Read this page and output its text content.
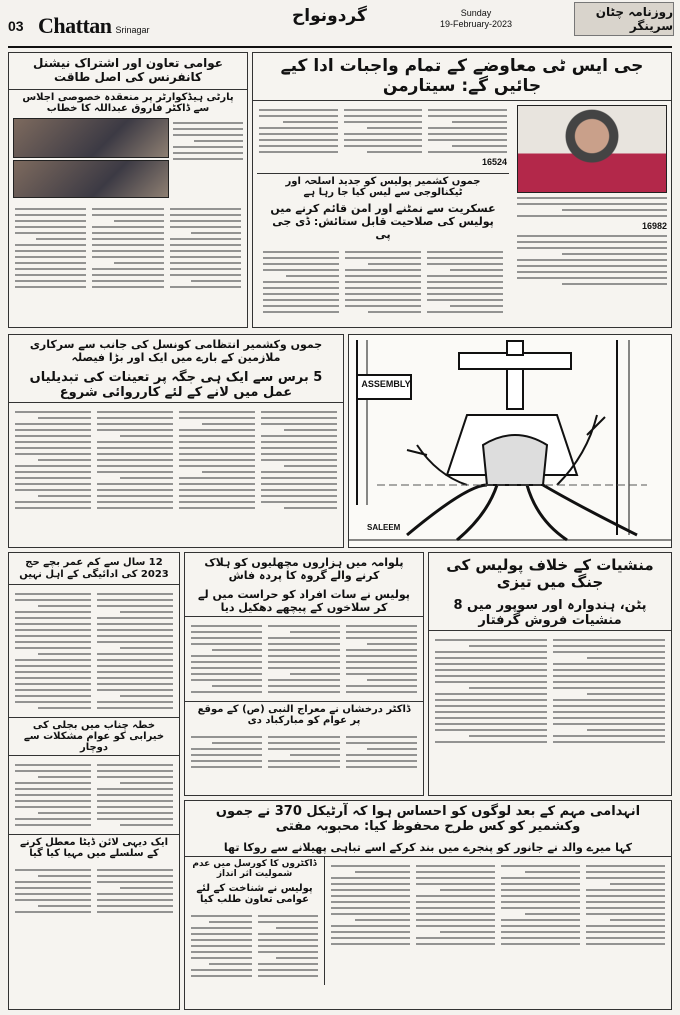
03 Chattan Srinagar
گردونواح	Sunday
19-February-2023
روزنامہ چٹان سرینگر
جی ایس ٹی معاوضے کے تمام واجبات ادا کیے جائیں گے: سیتارمن
16982
16524
جموں کشمیر پولیس کو جدید اسلحہ اور ٹیکنالوجی سے لیس کیا جا رہا ہے
عسکریت سے نمٹنے اور امن قائم کرنے میں پولیس کی صلاحیت قابل ستائش: ڈی جی پی
عوامی تعاون اور اشتراک نیشنل کانفرنس کی اصل طاقت
پارٹی ہیڈکوارٹر پر منعقدہ خصوصی اجلاس سے ڈاکٹر فاروق عبداللہ کا خطاب
جموں وکشمیر انتظامی کونسل کی جانب سے سرکاری ملازمین کے بارے میں ایک اور بڑا فیصلہ
5 برس سے ایک ہی جگہ پر تعینات کی تبدیلیاں عمل میں لانے کے لئے کارروائی شروع
ASSEMBLY
SALEEM
12 سال سے کم عمر بچے حج 2023 کی ادائیگی کے اہل نہیں
خطہ چناب میں بجلی کی خیرابی کو عوام مشکلات سے دوچار
ایک دیہی لائن ڈیٹا معطل کرنے کے سلسلے میں مہیا کیا گیا
پلوامہ میں ہزاروں مچھلیوں کو ہلاک کرنے والے گروہ کا پردہ فاش
پولیس نے سات افراد کو حراست میں لے کر سلاخوں کے پیچھے دھکیل دیا
ڈاکٹر درخشاں نے معراج النبی (ص) کے موقع پر عوام کو مبارکباد دی
منشیات کے خلاف پولیس کی جنگ میں تیزی
پٹن، ہندوارہ اور سوپور میں 8 منشیات فروش گرفتار
انہدامی مہم کے بعد لوگوں کو احساس ہوا کہ آرٹیکل 370 نے جموں وکشمیر کو کس طرح محفوظ کیا: محبوبہ مفتی
کہا میرے والد نے جانور کو پنجرے میں بند کرکے اسے تباہی پھیلانے سے روکا تھا
ڈاکٹروں کا کورسل میں عدم شمولیت اثر انداز
پولیس نے شناخت کے لئے عوامی تعاون طلب کیا
